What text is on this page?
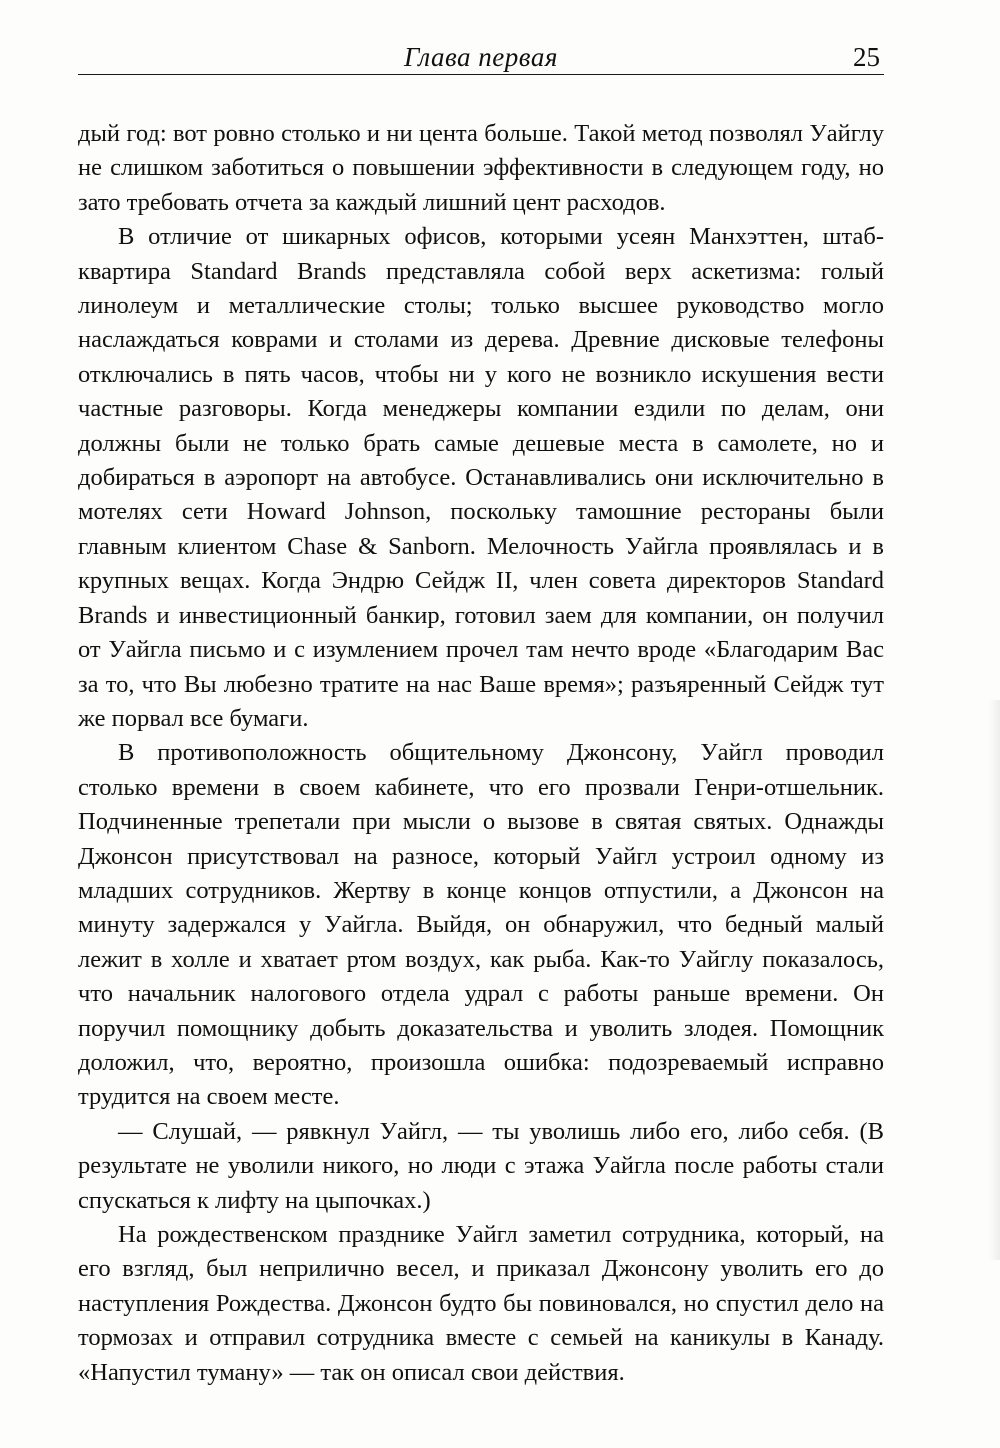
Глава первая	25

дый год: вот ровно столько и ни цента больше. Такой метод позволял Уайглу не слишком заботиться о повышении эффективности в следующем году, но зато требовать отчета за каждый лишний цент расходов.

В отличие от шикарных офисов, которыми усеян Манхэттен, штаб-квартира Standard Brands представляла собой верх аскетизма: голый линолеум и металлические столы; только высшее руководство могло наслаждаться коврами и столами из дерева. Древние дисковые телефоны отключались в пять часов, чтобы ни у кого не возникло искушения вести частные разговоры. Когда менеджеры компании ездили по делам, они должны были не только брать самые дешевые места в самолете, но и добираться в аэропорт на автобусе. Останавливались они исключительно в мотелях сети Howard Johnson, поскольку тамошние рестораны были главным клиентом Chase & Sanborn. Мелочность Уайгла проявлялась и в крупных вещах. Когда Эндрю Сейдж II, член совета директоров Standard Brands и инвестиционный банкир, готовил заем для компании, он получил от Уайгла письмо и с изумлением прочел там нечто вроде «Благодарим Вас за то, что Вы любезно тратите на нас Ваше время»; разъяренный Сейдж тут же порвал все бумаги.

В противоположность общительному Джонсону, Уайгл проводил столько времени в своем кабинете, что его прозвали Генри-отшельник. Подчиненные трепетали при мысли о вызове в святая святых. Однажды Джонсон присутствовал на разносе, который Уайгл устроил одному из младших сотрудников. Жертву в конце концов отпустили, а Джонсон на минуту задержался у Уайгла. Выйдя, он обнаружил, что бедный малый лежит в холле и хватает ртом воздух, как рыба. Как-то Уайглу показалось, что начальник налогового отдела удрал с работы раньше времени. Он поручил помощнику добыть доказательства и уволить злодея. Помощник доложил, что, вероятно, произошла ошибка: подозреваемый исправно трудится на своем месте.

— Слушай, — рявкнул Уайгл, — ты уволишь либо его, либо себя. (В результате не уволили никого, но люди с этажа Уайгла после работы стали спускаться к лифту на цыпочках.)

На рождественском празднике Уайгл заметил сотрудника, который, на его взгляд, был неприлично весел, и приказал Джонсону уволить его до наступления Рождества. Джонсон будто бы повиновался, но спустил дело на тормозах и отправил сотрудника вместе с семьей на каникулы в Канаду. «Напустил туману» — так он описал свои действия.
